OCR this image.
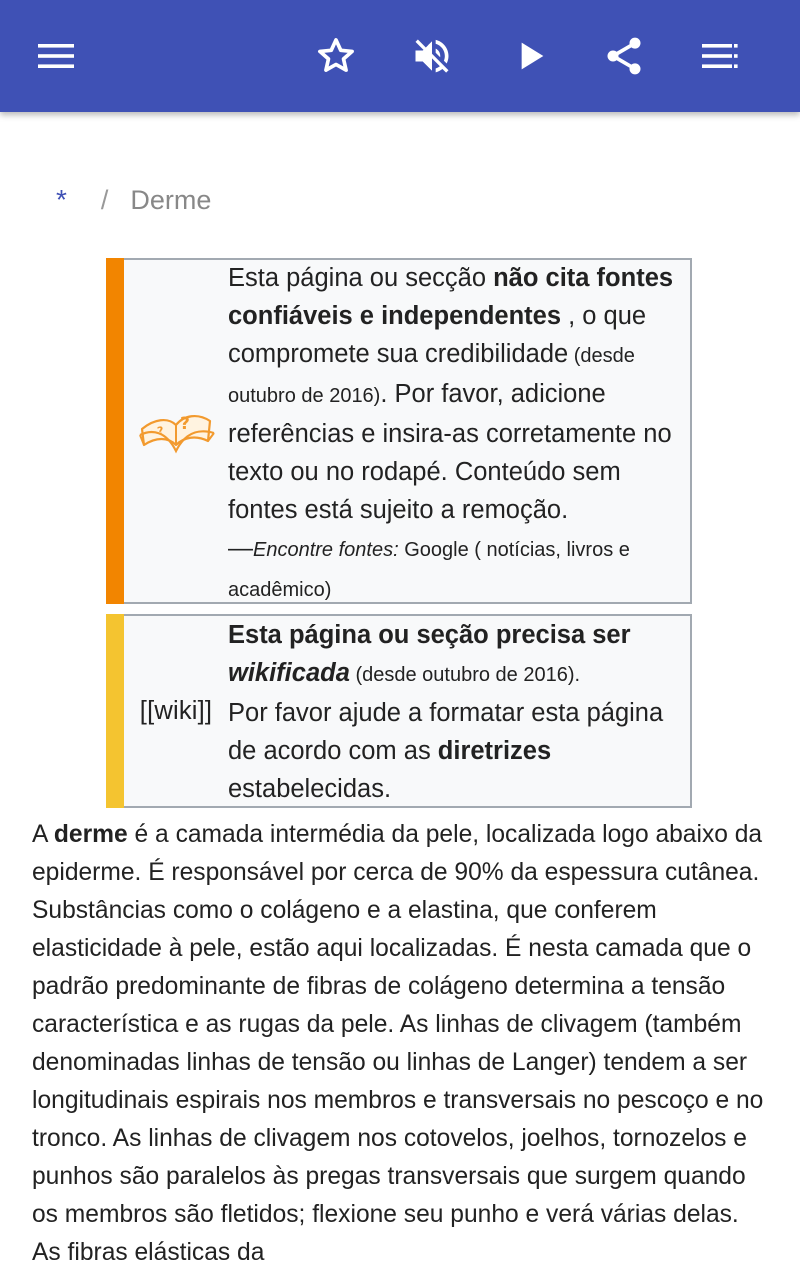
* / Derme
?
?
Esta página ou secção não cita fontes confiáveis e independentes , o que compromete sua credibilidade (desde outubro de 2016). Por favor, adicione referências e insira-as corretamente no texto ou no rodapé. Conteúdo sem fontes está sujeito a remoção.
—Encontre fontes: Google ( notícias, livros e acadêmico)
[[wiki]]
Esta página ou seção precisa ser wikificada (desde outubro de 2016).
Por favor ajude a formatar esta página de acordo com as diretrizes estabelecidas.

A derme é a camada intermédia da pele, localizada logo abaixo da epiderme. É responsável por cerca de 90% da espessura cutânea. Substâncias como o colágeno e a elastina, que conferem elasticidade à pele, estão aqui localizadas. É nesta camada que o padrão predominante de fibras de colágeno determina a tensão característica e as rugas da pele. As linhas de clivagem (também denominadas linhas de tensão ou linhas de Langer) tendem a ser longitudinais espirais nos membros e transversais no pescoço e no tronco. As linhas de clivagem nos cotovelos, joelhos, tornozelos e punhos são paralelos às pregas transversais que surgem quando os membros são fletidos; flexione seu punho e verá várias delas. As fibras elásticas da
